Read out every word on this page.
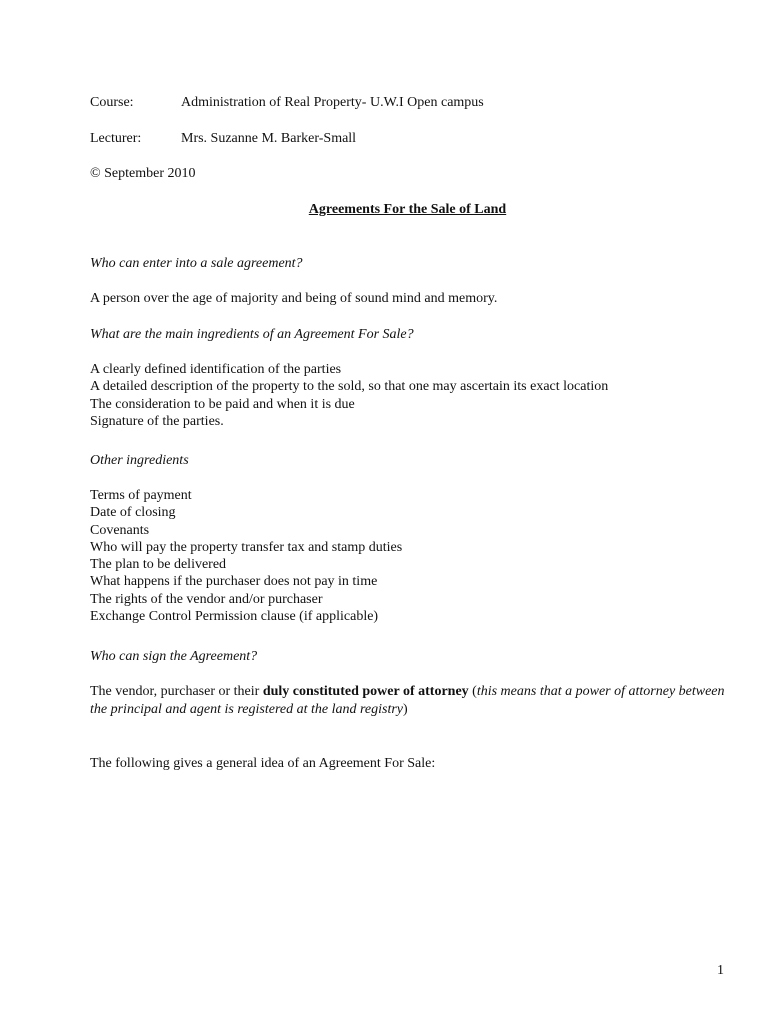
Course:	Administration of Real Property- U.W.I Open campus
Lecturer:	Mrs. Suzanne M. Barker-Small
© September 2010
Agreements For the Sale of Land
Who can enter into a sale agreement?
A person over the age of majority and being of sound mind and memory.
What are the main ingredients of an Agreement For Sale?
A clearly defined identification of the parties
A detailed description of the property to the sold, so that one may ascertain its exact location
The consideration to be paid and when it is due
Signature of the parties.
Other ingredients
Terms of payment
Date of closing
Covenants
Who will pay the property transfer tax and stamp duties
The plan to be delivered
What happens if the purchaser does not pay in time
The rights of the vendor and/or purchaser
Exchange Control Permission clause (if applicable)
Who can sign the Agreement?
The vendor, purchaser or their duly constituted power of attorney (this means that a power of attorney between the principal and agent is registered at the land registry)
The following gives a general idea of an Agreement For Sale:
1
